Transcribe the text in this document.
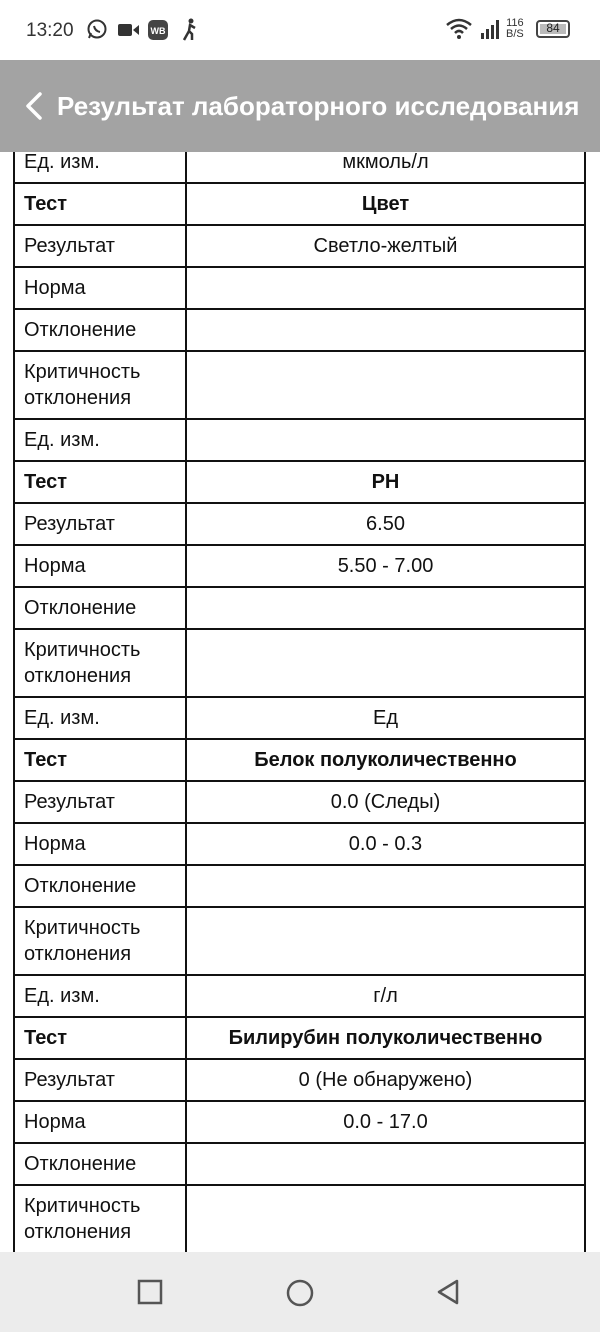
13:20	WB
116
B/S	84
Результат лабораторного исследования
Ед. изм.	мкмоль/л
Тест	Цвет
Результат	Светло-желтый
Норма	
Отклонение	
Критичность отклонения	
Ед. изм.	
Тест	PH
Результат	6.50
Норма	5.50 - 7.00
Отклонение	
Критичность отклонения	
Ед. изм.	Ед
Тест	Белок полуколичественно
Результат	0.0 (Следы)
Норма	0.0 - 0.3
Отклонение	
Критичность отклонения	
Ед. изм.	г/л
Тест	Билирубин полуколичественно
Результат	0 (Не обнаружено)
Норма	0.0 - 17.0
Отклонение	
Критичность отклонения	
